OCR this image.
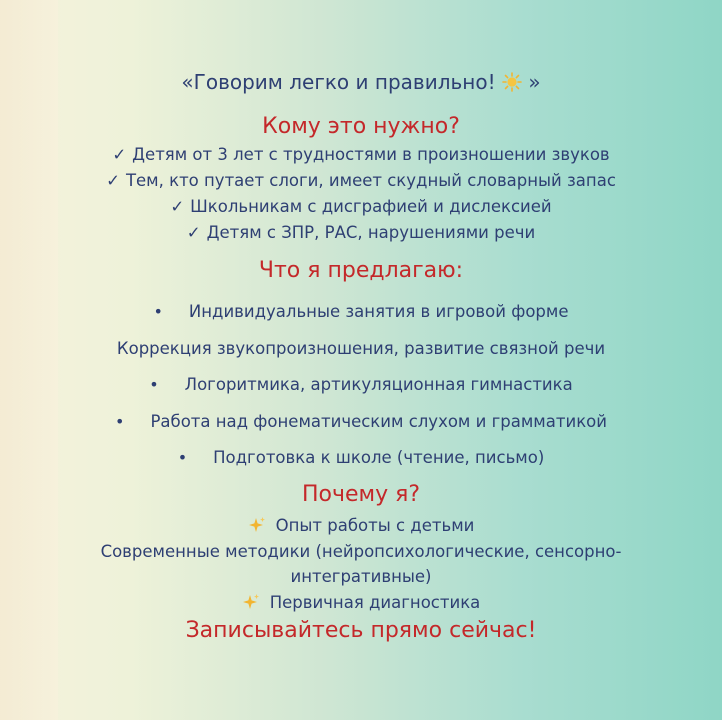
«Говорим легко и правильно! »
Кому это нужно?
✓ Детям от 3 лет с трудностями в произношении звуков
✓ Тем, кто путает слоги, имеет скудный словарный запас
✓ Школьникам с дисграфией и дислексией
✓ Детям с ЗПР, РАС, нарушениями речи
Что я предлагаю:
• Индивидуальные занятия в игровой форме
Коррекция звукопроизношения, развитие связной речи
• Логоритмика, артикуляционная гимнастика
• Работа над фонематическим слухом и грамматикой
• Подготовка к школе (чтение, письмо)
Почему я?
Опыт работы с детьми
Современные методики (нейропсихологические, сенсорно-
интегративные)
Первичная диагностика
Записывайтесь прямо сейчас!
